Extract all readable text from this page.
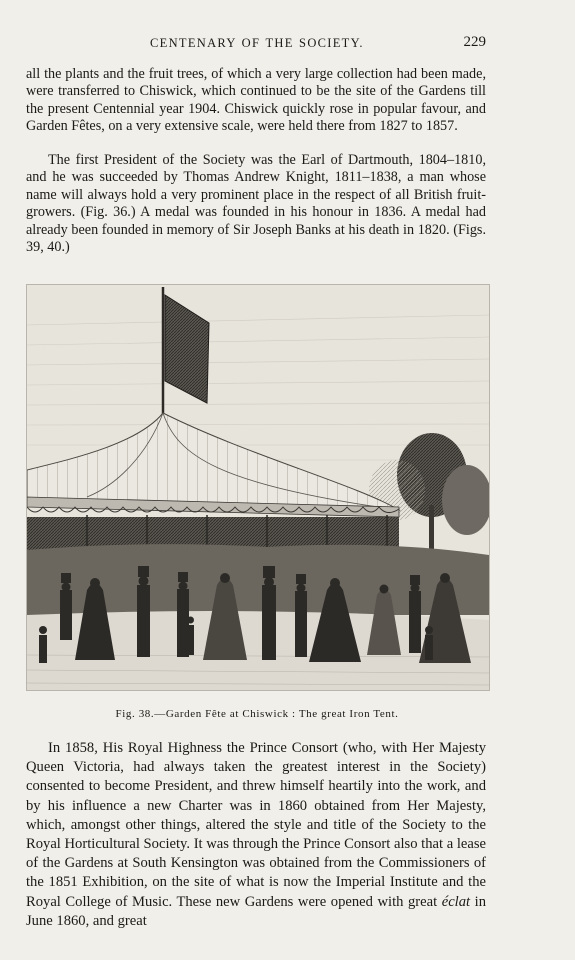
CENTENARY OF THE SOCIETY.	229

all the plants and the fruit trees, of which a very large collection had been made, were transferred to Chiswick, which continued to be the site of the Gardens till the present Centennial year 1904. Chiswick quickly rose in popular favour, and Garden Fêtes, on a very extensive scale, were held there from 1827 to 1857.

The first President of the Society was the Earl of Dartmouth, 1804–1810, and he was succeeded by Thomas Andrew Knight, 1811–1838, a man whose name will always hold a very prominent place in the respect of all British fruit-growers. (Fig. 36.) A medal was founded in his honour in 1836. A medal had already been founded in memory of Sir Joseph Banks at his death in 1820. (Figs. 39, 40.)

Fig. 38.—Garden Fête at Chiswick : The great Iron Tent.

In 1858, His Royal Highness the Prince Consort (who, with Her Majesty Queen Victoria, had always taken the greatest interest in the Society) consented to become President, and threw himself heartily into the work, and by his influence a new Charter was in 1860 obtained from Her Majesty, which, amongst other things, altered the style and title of the Society to the Royal Horticultural Society. It was through the Prince Consort also that a lease of the Gardens at South Kensington was obtained from the Commissioners of the 1851 Exhibition, on the site of what is now the Imperial Institute and the Royal College of Music. These new Gardens were opened with great éclat in June 1860, and great
